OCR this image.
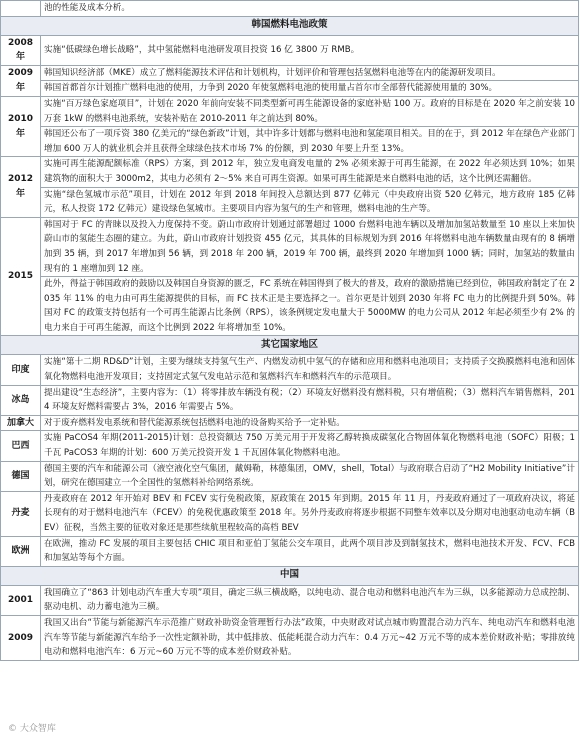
	池的性能及成本分析。
韩国燃料电池政策	
2008 年	实施“低碳绿色增长战略”，其中氢能燃料电池研发项目投资 16 亿 3800 万 RMB。
2009 年	韩国知识经济部（MKE）成立了燃料能源技术评估和计划机构，计划评价和管理包括氢燃料电池等在内的能源研发项目。
	韩国首都首尔计划推广燃料电池的使用，力争到 2020 年使氢燃料电池的使用量占首尔市全部替代能源使用量的 30%。
2010 年	实施“百万绿色家庭项目”，计划在 2020 年前向安装不同类型新可再生能源设备的家庭补贴 100 万。政府的目标是在 2020 年之前安装 10 万套 1kW 的燃料电池系统，安装补贴在 2010-2011 年之前达到 80%。
	韩国还公布了一项斥资 380 亿美元的“绿色新政”计划，其中许多计划都与燃料电池和氢能项目相关。目的在于，到 2012 年在绿色产业部门增加 600 万人的就业机会并且获得全球绿色技术市场 7% 的份额，到 2030 年要上升至 13%。
2012 年	实施可再生能源配额标准（RPS）方案，到 2012 年，独立发电商发电量的 2% 必须来源于可再生能源，在 2022 年必须达到 10%；如果建筑物的面积大于 3000m2，其电力必须有 2～5% 来自可再生资源。如果可再生能源是来自燃料电池的话，这个比例还需翻倍。
	实施“绿色氢城市示范”项目，计划在 2012 年到 2018 年间投入总额达到 877 亿韩元（中央政府出资 520 亿韩元，地方政府 185 亿韩元，私人投资 172 亿韩元）建设绿色氢城市。主要项目内容为氢气的生产和管理，燃料电池的生产等。
2015	韩国对于 FC 的青睐以及投入力度保持不变。蔚山市政府计划通过部署超过 1000 台燃料电池车辆以及增加加氢站数量至 10 座以上来加快蔚山市的氢能生态圈的建立。为此，蔚山市政府计划投资 455 亿元，其具体的目标规划为到 2016 年将燃料电池车辆数量由现有的 8 辆增加到 35 辆，到 2017 年增加到 56 辆，到 2018 年 200 辆，2019 年 700 辆，最终到 2020 年增加到 1000 辆；同时，加氢站的数量由现有的 1 座增加到 12 座。
	此外，得益于韩国政府的鼓励以及韩国自身资源的匮乏，FC 系统在韩国得到了极大的普及，政府的激励措施已经到位，韩国政府制定了在 2035 年 11% 的电力由可再生能源提供的目标，而 FC 技术正是主要选择之一。首尔更是计划到 2030 年将 FC 电力的比例提升到 50%。韩国对 FC 的政策支持包括有一个可再生能源占比条例（RPS），该条例规定发电量大于 5000MW 的电力公司从 2012 年起必须至少有 2% 的电力来自于可再生能源，而这个比例到 2022 年将增加至 10%。
其它国家地区	
印度	实施“第十二期 RD&D”计划，主要为继续支持氢气生产、内燃发动机中氢气的存储和应用和燃料电池项目；支持质子交换膜燃料电池和固体氧化物燃料电池开发项目；支持固定式氢气发电站示范和氢燃料汽车和燃料汽车的示范项目。
冰岛	提出建设“生态经济”，主要内容为：（1）将零排放车辆没有税；（2）环境友好燃料没有燃料税，只有增值税；（3）燃料汽车销售燃料，2014 环境友好燃料需要占 3%，2016 年需要占 5%。
加拿大	对于废弃燃料发电系统和替代能源系统包括燃料电池的设备购买给予一定补贴。
巴西	实施 PaCOS4 年期(2011-2015)计划：总投资额达 750 万美元用于开发将乙醇转换成碳氢化合物固体氧化物燃料电池（SOFC）阳极；1 千瓦 PaCOS3 年期的计划：600 万美元投资开发 1 千瓦固体氧化物燃料电池。
德国	德国主要的汽车和能源公司（液空液化空气集团，戴姆勒，林德集团，OMV，shell，Total）与政府联合启动了“H2 Mobility Initiative”计划，研究在德国建立一个全国性的氢燃料补给网络系统。
丹麦	丹麦政府在 2012 年开始对 BEV 和 FCEV 实行免税政策，原政策在 2015 年到期。2015 年 11 月，丹麦政府通过了一项政府决议，将延长现有的对于燃料电池汽车（FCEV）的免税优惠政策至 2018 年。另外丹麦政府将逐步根据不同整车效率以及分期对电池驱动电动车辆（BEV）征税，当然主要的征收对象还是那些续航里程较高的高档 BEV
欧洲	在欧洲，推动 FC 发展的项目主要包括 CHIC 项目和亚伯丁氢能公交车项目，此两个项目涉及到制氢技术，燃料电池技术开发、FCV、FCB 和加氢站等每个方面。
中国	
2001	我国确立了“863 计划电动汽车重大专项”项目，确定三纵三横战略，以纯电动、混合电动和燃料电池汽车为三纵，以多能源动力总成控制、驱动电机、动力蓄电池为三横。
2009	我国又出台“节能与新能源汽车示范推广财政补助资金管理暂行办法”政策，中央财政对试点城市购置混合动力汽车、纯电动汽车和燃料电池汽车等节能与新能源汽车给予一次性定额补助，其中低排放、低能耗混合动力汽车：0.4 万元~42 万元不等的成本差价财政补贴；零排放纯电动和燃料电池汽车：6 万元~60 万元不等的成本差价财政补贴。
© 大众智库
